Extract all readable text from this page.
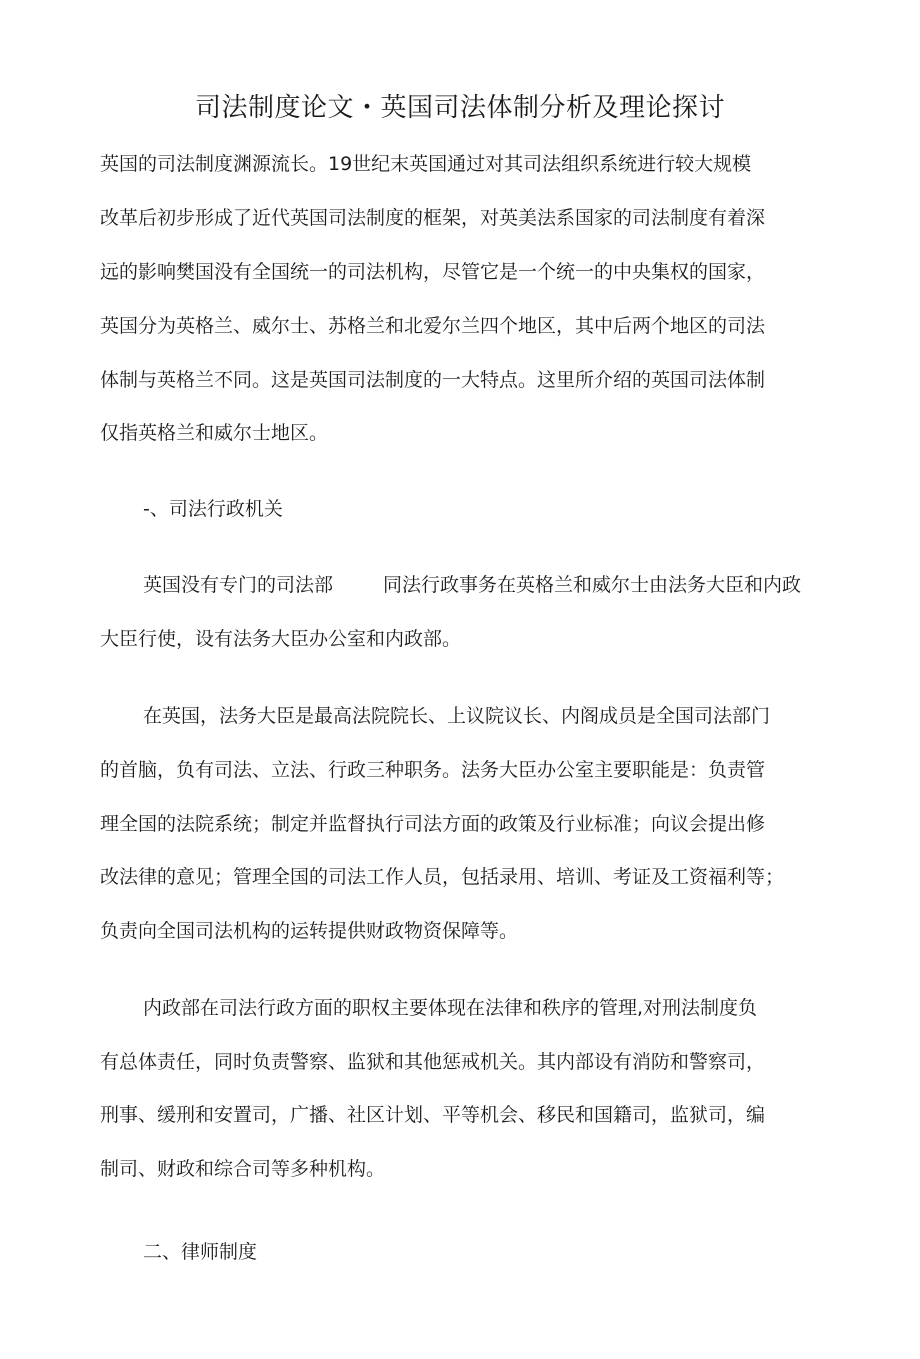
司法制度论文・英国司法体制分析及理论探讨
英国的司法制度渊源流长。19世纪末英国通过对其司法组织系统进行较大规模
改革后初步形成了近代英国司法制度的框架，对英美法系国家的司法制度有着深
远的影响樊国没有全国统一的司法机构，尽管它是一个统一的中央集权的国家，
英国分为英格兰、威尔士、苏格兰和北爱尔兰四个地区，其中后两个地区的司法
体制与英格兰不同。这是英国司法制度的一大特点。这里所介绍的英国司法体制
仅指英格兰和威尔士地区。
-、司法行政机关
英国没有专门的司法部	同法行政事务在英格兰和威尔士由法务大臣和内政
大臣行使，设有法务大臣办公室和内政部。
在英国，法务大臣是最高法院院长、上议院议长、内阁成员是全国司法部门
的首脑，负有司法、立法、行政三种职务。法务大臣办公室主要职能是：负责管
理全国的法院系统；制定并监督执行司法方面的政策及行业标准；向议会提出修
改法律的意见；管理全国的司法工作人员，包括录用、培训、考证及工资福利等；
负责向全国司法机构的运转提供财政物资保障等。
内政部在司法行政方面的职权主要体现在法律和秩序的管理,对刑法制度负
有总体责任，同时负责警察、监狱和其他惩戒机关。其内部设有消防和警察司，
刑事、缓刑和安置司，广播、社区计划、平等机会、移民和国籍司，监狱司，编
制司、财政和综合司等多种机构。
二、律师制度
